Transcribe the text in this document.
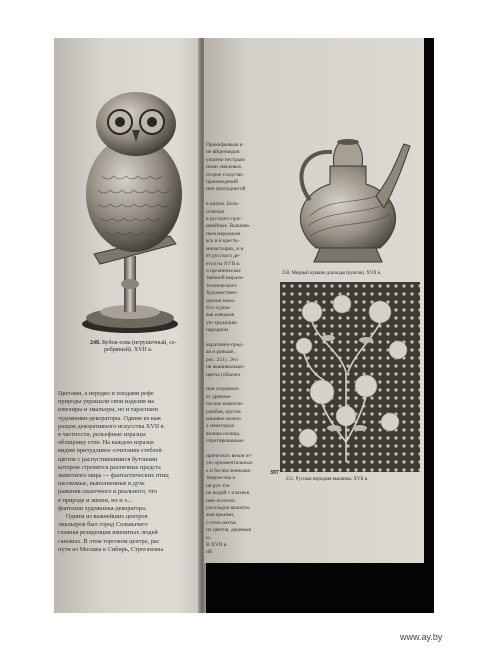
248. Кубок-сова (игрушечный, се-
ребряный). XVII в.

Цветами, а нередко и плодами рефе

природы украшали свои изделия ма

ювелиры и эмальеры, но и тараспани

художники-декораторы. Одним из важ

разцов декоративного искусства XVII в.

в частности, рельефные изразцы

облицовку стен. На каждом изразце

видим причудливое сочетание стеблей

цветов с распустившимися бутонами

котором стремятся различные предста

животного мира — фантастических птиц

насекомые, выполненные в духе

ражения сказочного и реального, что

в природе и жизни, но и о...

фантазии художника-декоратора.

Одним из важнейших центров

эмальеров был город Сольвычего

главная резиденция именитых людей

гановых. В этом торговом центре, рас

пути из Москвы в Сибирь, Строгановы

Прокофьевым и

ие вйценивдов

укшено пестрым

ними эмалевых

оторое сходство

произведений

ние приподнятой

в шитье. Боль-

отмечал

в русского при-

швейные. Вышива-

ным народным

ась и в кресть-

монастырях, и в

ет русского де-

ется на XVII в.

о органическое

твенной вырази-

технического

Художествен-

дерево назы-

Его худож-

вая изящная

ую традицию

народном

коративно-пред-

ая и раньше,

рис. 251). Это

ия вышивальщи-

цветы (обычно

ния сохраняла

ет древние

ческие компози-

ромбов, кругов

ышивке можно

х некоторых

волика солнца,

спретированные

ирических веков от-

ую орнаментальных

е и бесчисленными

творчества и

ия рук эти

их водой с платков

ими полотен

раскладов вышиты

ами яркими,

о этом шитье

их цветов, деревьев

ы.

В XVII в.

ий

250. Медный кувшин для воды (кумган). XVII в.
251. Русская народная вышивка. XVII в.
397
www.ay.by
